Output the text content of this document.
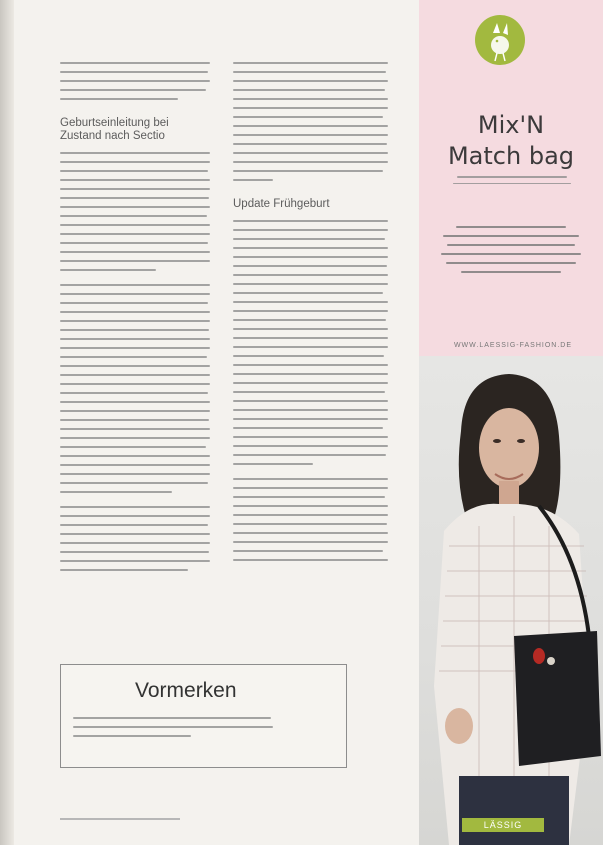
Geburtseinleitung bei Zustand nach Sectio
Update Frühgeburt
Vormerken
Mix'N
Match bag
WWW.LAESSIG-FASHION.DE
LÄSSIG
